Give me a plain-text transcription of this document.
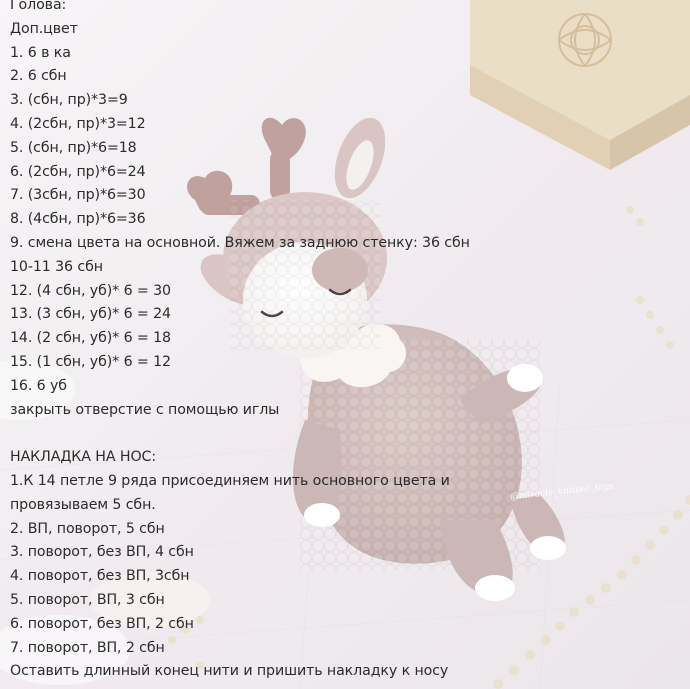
Голова:
Доп.цвет
1. 6 в ка
2. 6 сбн
3. (сбн, пр)*3=9
4. (2сбн, пр)*3=12
5. (сбн, пр)*6=18
6. (2сбн, пр)*6=24
7. (3сбн, пр)*6=30
8. (4сбн, пр)*6=36
9. смена цвета на основной. Вяжем за заднюю стенку: 36 сбн
10-11 36 сбн
12. (4 сбн, уб)* 6 = 30
13. (3 сбн, уб)* 6 = 24
14. (2 сбн, уб)* 6 = 18
15. (1 сбн, уб)* 6 = 12
16. 6 уб
закрыть отверстие с помощью иглы
НАКЛАДКА НА НОС:
1.К 14 петле 9 ряда присоединяем нить основного цвета и провязываем 5 сбн.
2. ВП, поворот, 5 сбн
3. поворот, без ВП, 4 сбн
4. поворот, без ВП, 3сбн
5. поворот, ВП, 3 сбн
6. поворот, без ВП, 2 сбн
7. поворот, ВП, 2 сбн
Оставить длинный конец нити и пришить накладку к носу
@miracle_knitted_toys
